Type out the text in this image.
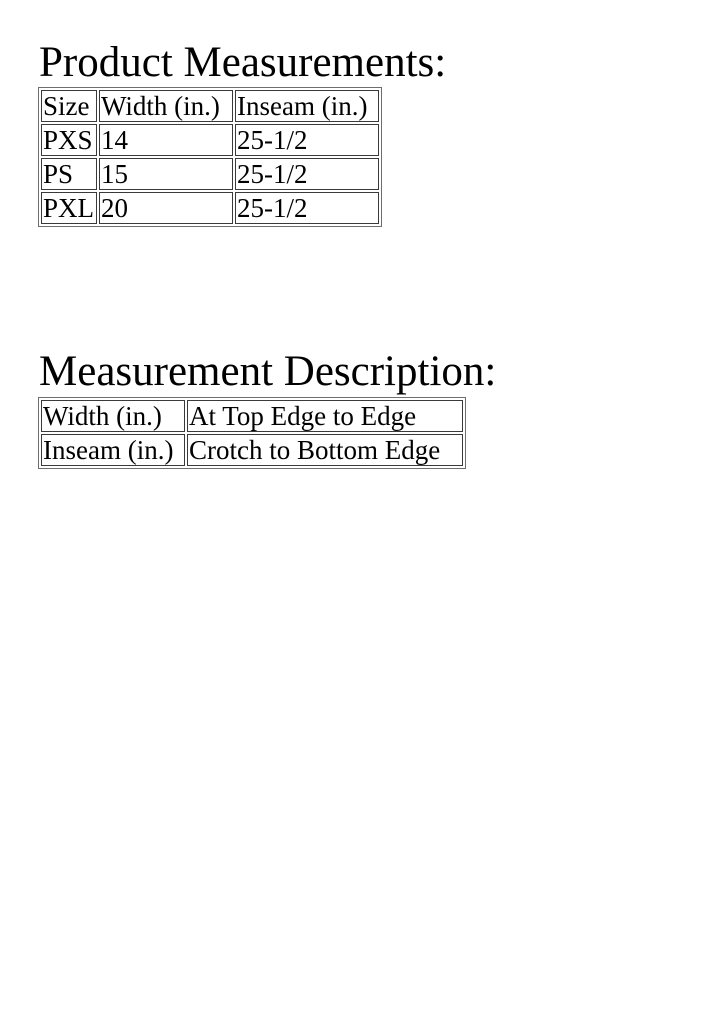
Product Measurements:
Size	Width (in.)	Inseam (in.)
PXS	14	25-1/2
PS	15	25-1/2
PXL	20	25-1/2
Measurement Description:
Width (in.)	At Top Edge to Edge
Inseam (in.)	Crotch to Bottom Edge
